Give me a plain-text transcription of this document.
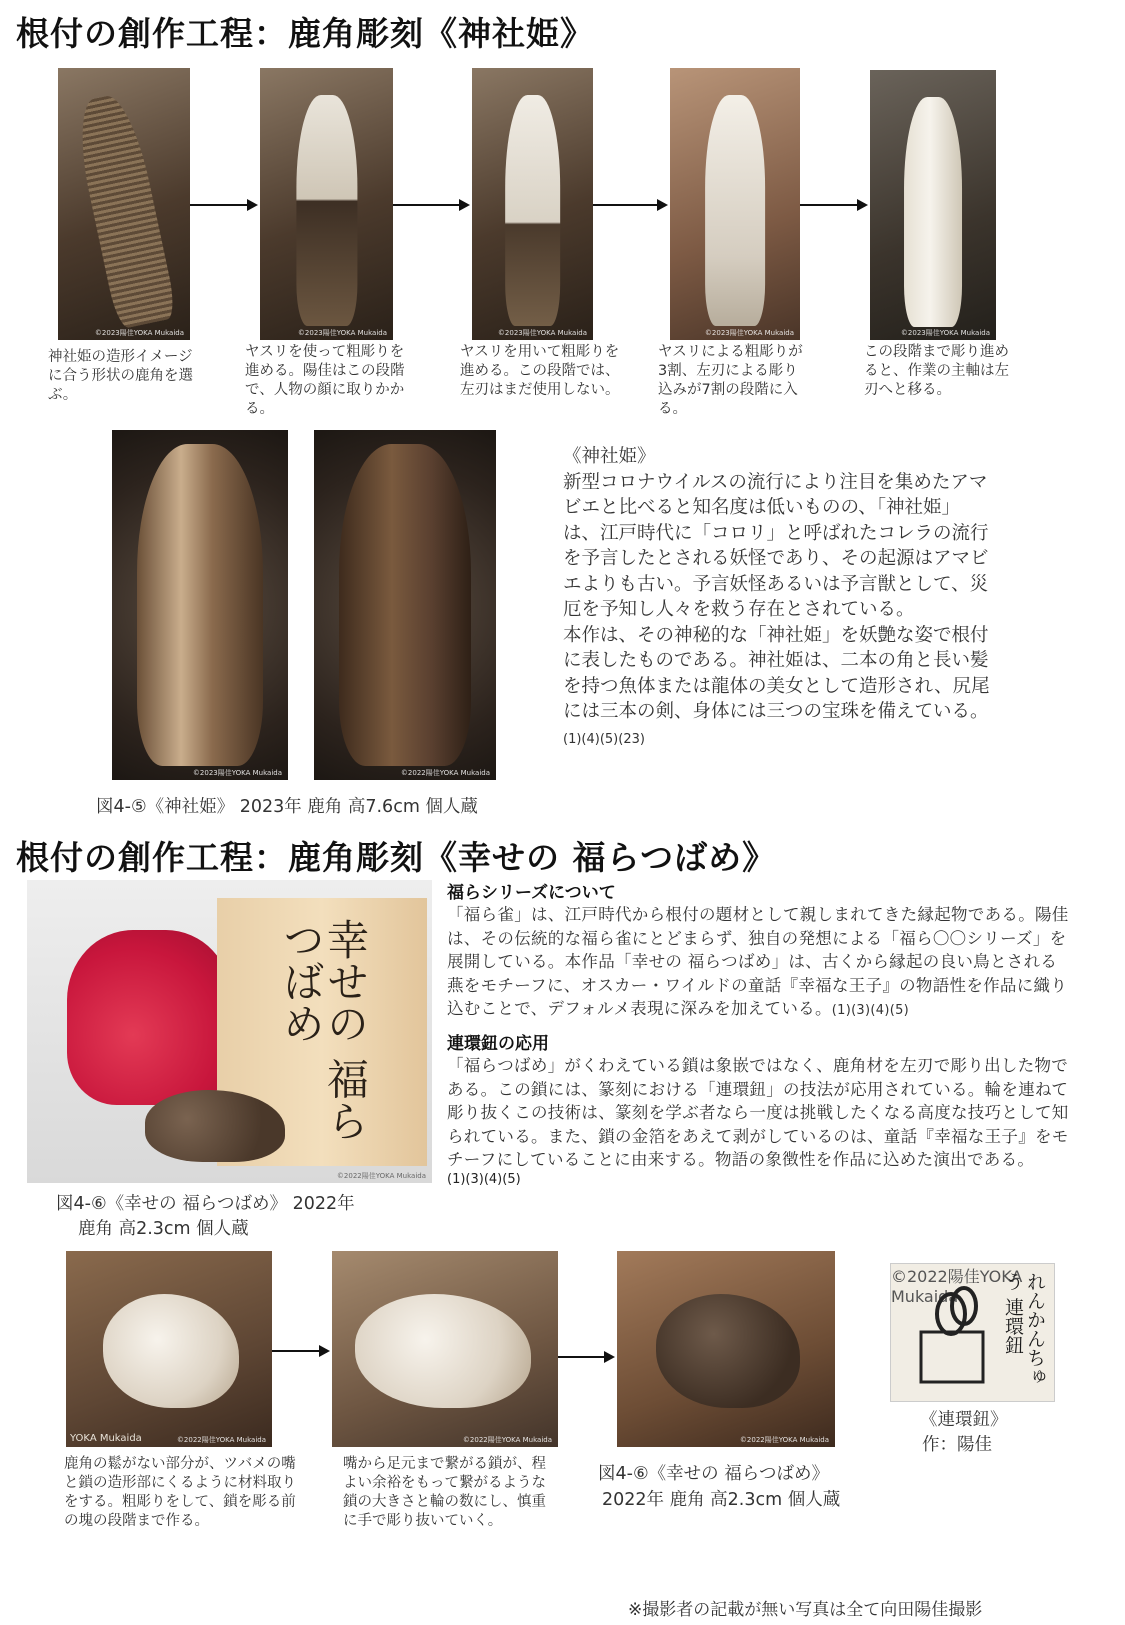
根付の創作工程：鹿角彫刻《神社姫》
©2023陽佳YOKA Mukaida	©2023陽佳YOKA Mukaida	©2023陽佳YOKA Mukaida	©2023陽佳YOKA Mukaida	©2023陽佳YOKA Mukaida
神社姫の造形イメージに合う形状の鹿角を選ぶ。
ヤスリを使って粗彫りを進める。陽佳はこの段階で、人物の顔に取りかかる。
ヤスリを用いて粗彫りを進める。この段階では、左刃はまだ使用しない。
ヤスリによる粗彫りが3割、左刃による彫り込みが7割の段階に入る。
この段階まで彫り進めると、作業の主軸は左刃へと移る。
©2023陽佳YOKA Mukaida	©2022陽佳YOKA Mukaida
《神社姫》
新型コロナウイルスの流行により注目を集めたアマビエと比べると知名度は低いものの、「神社姫」は、江戸時代に「コロリ」と呼ばれたコレラの流行を予言したとされる妖怪であり、その起源はアマビエよりも古い。予言妖怪あるいは予言獣として、災厄を予知し人々を救う存在とされている。
本作は、その神秘的な「神社姫」を妖艶な姿で根付に表したものである。神社姫は、二本の角と長い髪を持つ魚体または龍体の美女として造形され、尻尾には三本の剣、身体には三つの宝珠を備えている。(1)(4)(5)(23)
図4-⑤《神社姫》 2023年 鹿角 高7.6cm 個人蔵
根付の創作工程：鹿角彫刻《幸せの 福らつばめ》
幸せの 福らつばめ
©2022陽佳YOKA Mukaida
図4-⑥《幸せの 福らつばめ》 2022年
鹿角 高2.3cm 個人蔵
福らシリーズについて
「福ら雀」は、江戸時代から根付の題材として親しまれてきた縁起物である。陽佳は、その伝統的な福ら雀にとどまらず、独自の発想による「福ら〇〇シリーズ」を展開している。本作品「幸せの 福らつばめ」は、古くから縁起の良い鳥とされる燕をモチーフに、オスカー・ワイルドの童話『幸福な王子』の物語性を作品に織り込むことで、デフォルメ表現に深みを加えている。(1)(3)(4)(5)
連環鈕の応用
「福らつばめ」がくわえている鎖は象嵌ではなく、鹿角材を左刃で彫り出した物である。この鎖には、篆刻における「連環鈕」の技法が応用されている。輪を連ねて彫り抜くこの技術は、篆刻を学ぶ者なら一度は挑戦したくなる高度な技巧として知られている。また、鎖の金箔をあえて剥がしているのは、童話『幸福な王子』をモチーフにしていることに由来する。物語の象徴性を作品に込めた演出である。
(1)(3)(4)(5)
YOKA Mukaida	©2022陽佳YOKA Mukaida	©2022陽佳YOKA Mukaida	©2022陽佳YOKA Mukaida
れんかんちゅう 連環鈕
©2022陽佳YOKA Mukaida
《連環鈕》
作：陽佳
鹿角の鬆がない部分が、ツバメの嘴と鎖の造形部にくるように材料取りをする。粗彫りをして、鎖を彫る前の塊の段階まで作る。
嘴から足元まで繋がる鎖が、程よい余裕をもって繋がるような鎖の大きさと輪の数にし、慎重に手で彫り抜いていく。
図4-⑥《幸せの 福らつばめ》
2022年 鹿角 高2.3cm 個人蔵
※撮影者の記載が無い写真は全て向田陽佳撮影
